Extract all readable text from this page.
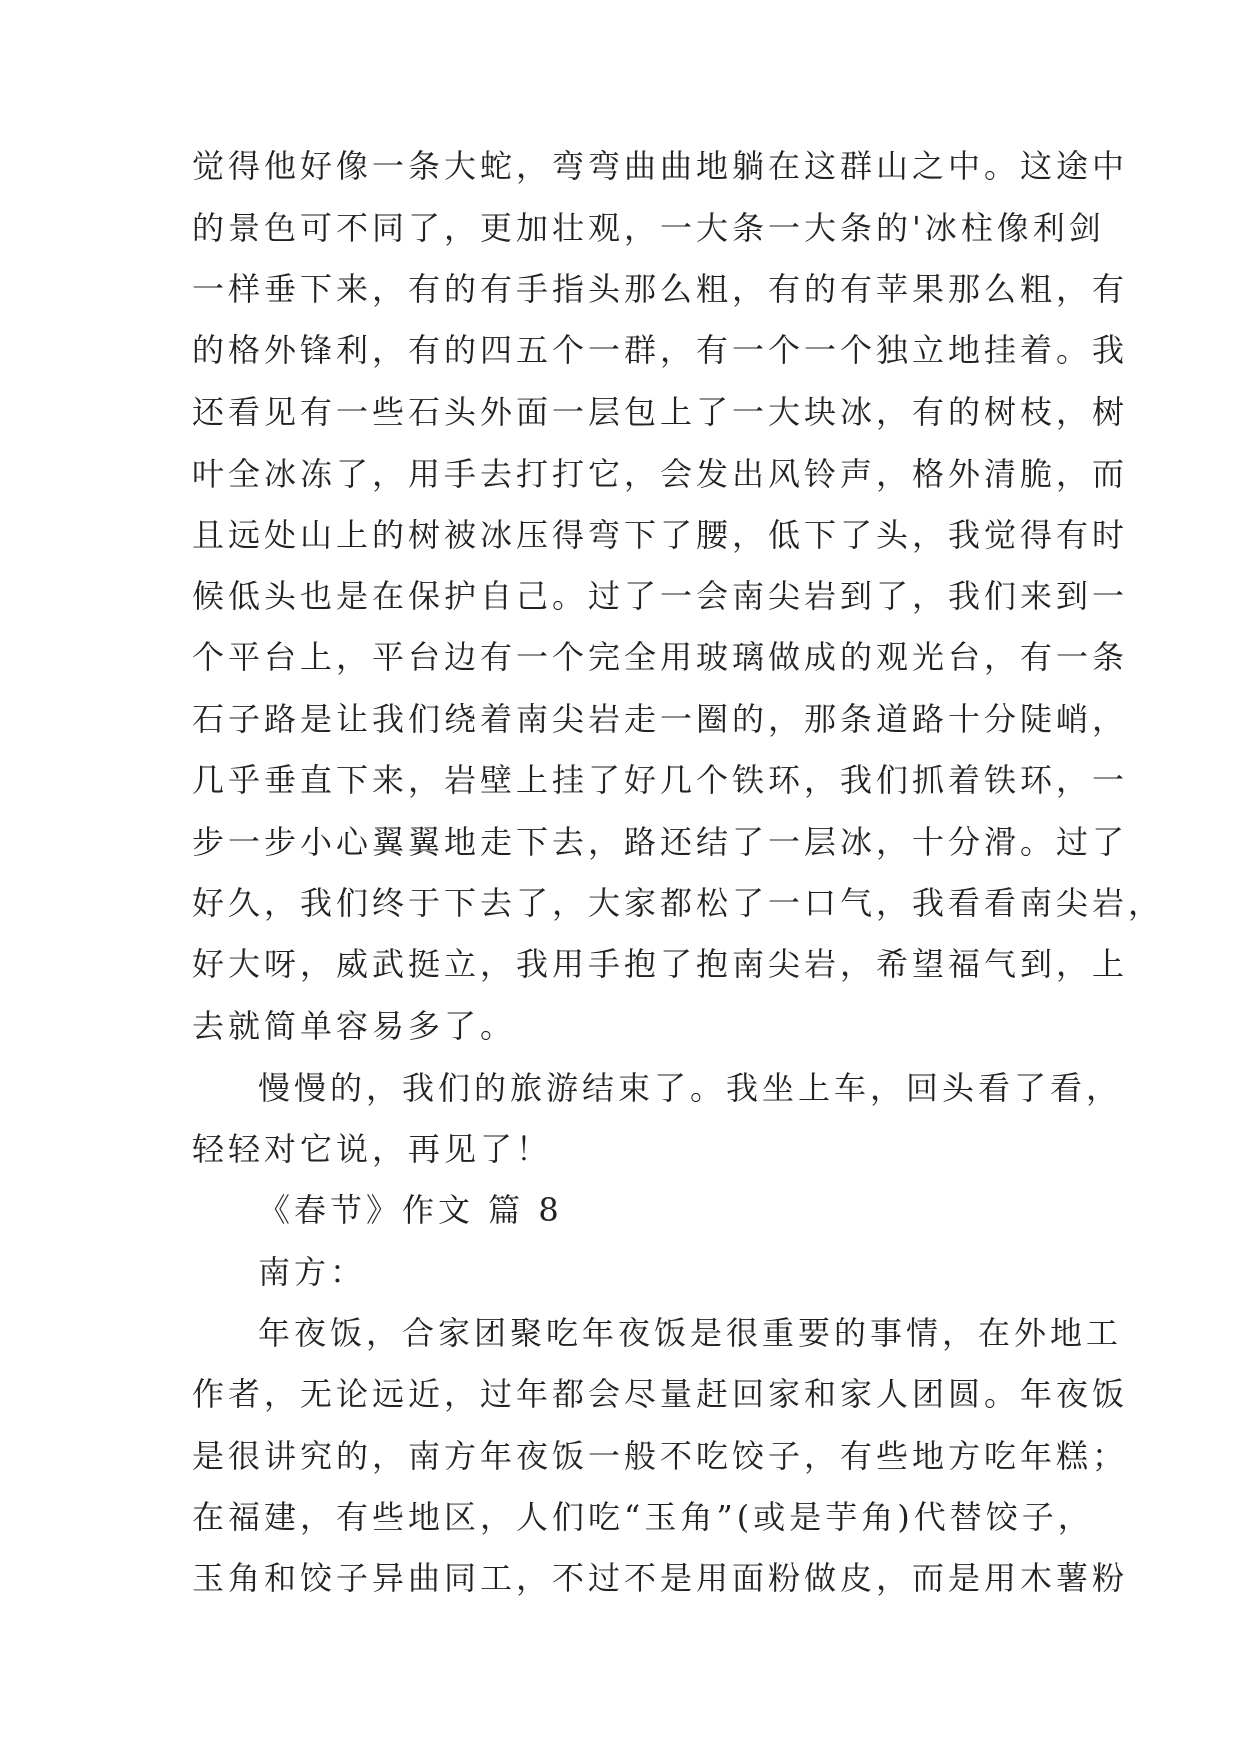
觉得他好像一条大蛇，弯弯曲曲地躺在这群山之中。这途中
的景色可不同了，更加壮观，一大条一大条的'冰柱像利剑
一样垂下来，有的有手指头那么粗，有的有苹果那么粗，有
的格外锋利，有的四五个一群，有一个一个独立地挂着。我
还看见有一些石头外面一层包上了一大块冰，有的树枝，树
叶全冰冻了，用手去打打它，会发出风铃声，格外清脆，而
且远处山上的树被冰压得弯下了腰，低下了头，我觉得有时
候低头也是在保护自己。过了一会南尖岩到了，我们来到一
个平台上，平台边有一个完全用玻璃做成的观光台，有一条
石子路是让我们绕着南尖岩走一圈的，那条道路十分陡峭，
几乎垂直下来，岩壁上挂了好几个铁环，我们抓着铁环，一
步一步小心翼翼地走下去，路还结了一层冰，十分滑。过了
好久，我们终于下去了，大家都松了一口气，我看看南尖岩，
好大呀，威武挺立，我用手抱了抱南尖岩，希望福气到，上
去就简单容易多了。
慢慢的，我们的旅游结束了。我坐上车，回头看了看，
轻轻对它说，再见了！
《春节》作文 篇 8
南方：
年夜饭，合家团聚吃年夜饭是很重要的事情，在外地工
作者，无论远近，过年都会尽量赶回家和家人团圆。年夜饭
是很讲究的，南方年夜饭一般不吃饺子，有些地方吃年糕；
在福建，有些地区，人们吃“玉角”(或是芋角)代替饺子，
玉角和饺子异曲同工，不过不是用面粉做皮，而是用木薯粉
